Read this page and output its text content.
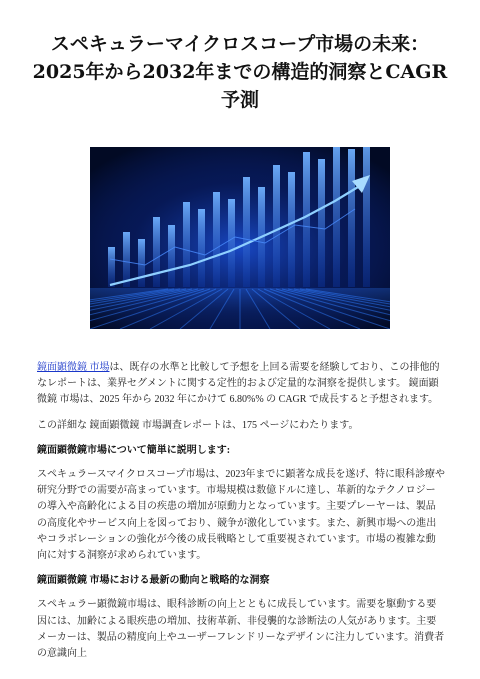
スペキュラーマイクロスコープ市場の未来：2025年から2032年までの構造的洞察とCAGR予測

鏡面顕微鏡 市場は、既存の水準と比較して予想を上回る需要を経験しており、この排他的なレポートは、業界セグメントに関する定性的および定量的な洞察を提供します。 鏡面顕微鏡 市場は、2025 年から 2032 年にかけて 6.80%% の CAGR で成長すると予想されます。

この詳細な 鏡面顕微鏡 市場調査レポートは、175 ページにわたります。

鏡面顕微鏡市場について簡単に説明します:

スペキュラースマイクロスコープ市場は、2023年までに顕著な成長を遂げ、特に眼科診療や研究分野での需要が高まっています。市場規模は数億ドルに達し、革新的なテクノロジーの導入や高齢化による目の疾患の増加が原動力となっています。主要プレーヤーは、製品の高度化やサービス向上を図っており、競争が激化しています。また、新興市場への進出やコラボレーションの強化が今後の成長戦略として重要視されています。市場の複雑な動向に対する洞察が求められています。

鏡面顕微鏡 市場における最新の動向と戦略的な洞察

スペキュラー顕微鏡市場は、眼科診断の向上とともに成長しています。需要を駆動する要因には、加齢による眼疾患の増加、技術革新、非侵襲的な診断法の人気があります。主要メーカーは、製品の精度向上やユーザーフレンドリーなデザインに注力しています。消費者の意識向上
